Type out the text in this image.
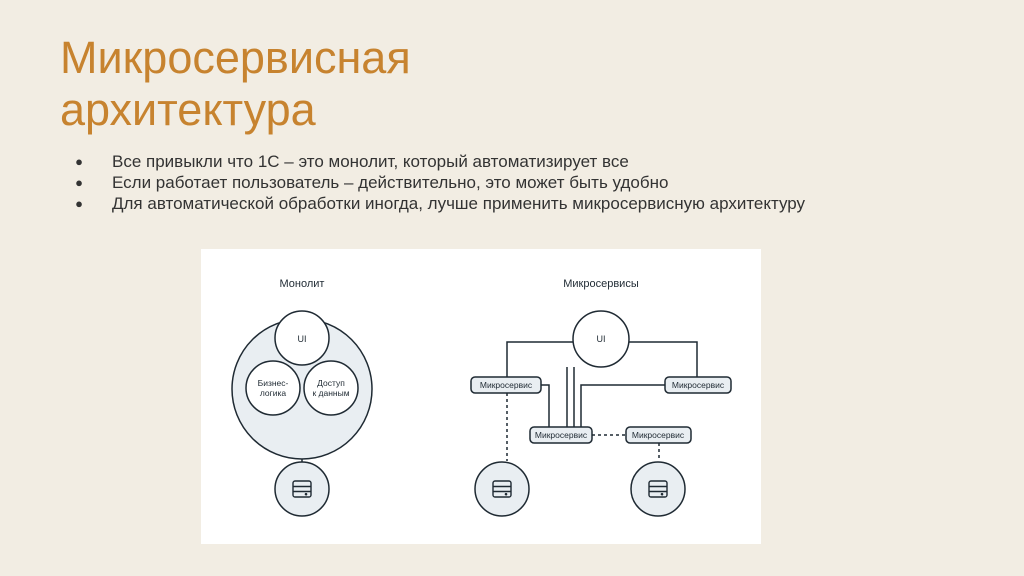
Микросервисная
архитектура
● Все привыкли что 1С – это монолит, который автоматизирует все
● Если работает пользователь – действительно, это может быть удобно
● Для автоматической обработки иногда, лучше применить микросервисную архитектуру
Монолит
UI
Бизнес-
логика
Доступ
к данным
Микросервисы
UI
Микросервис	Микросервис
Микросервис	Микросервис
